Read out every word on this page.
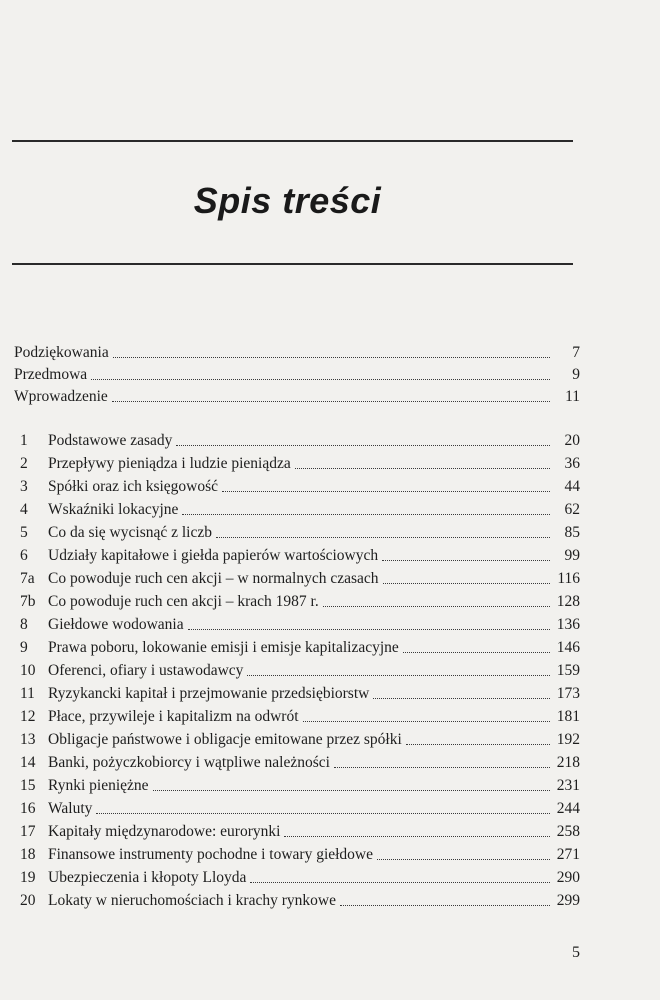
Spis treści
Podziękowania	7
Przedmowa	9
Wprowadzenie	11
1	Podstawowe zasady	20
2	Przepływy pieniądza i ludzie pieniądza	36
3	Spółki oraz ich księgowość	44
4	Wskaźniki lokacyjne	62
5	Co da się wycisnąć z liczb	85
6	Udziały kapitałowe i giełda papierów wartościowych	99
7a Co powoduje ruch cen akcji – w normalnych czasach	116
7b Co powoduje ruch cen akcji – krach 1987 r.	128
8	Giełdowe wodowania	136
9	Prawa poboru, lokowanie emisji i emisje kapitalizacyjne	146
10 Oferenci, ofiary i ustawodawcy	159
11 Ryzykancki kapitał i przejmowanie przedsiębiorstw	173
12 Płace, przywileje i kapitalizm na odwrót	181
13 Obligacje państwowe i obligacje emitowane przez spółki	192
14 Banki, pożyczkobiorcy i wątpliwe należności	218
15 Rynki pieniężne	231
16 Waluty	244
17 Kapitały międzynarodowe: eurorynki	258
18 Finansowe instrumenty pochodne i towary giełdowe	271
19 Ubezpieczenia i kłopoty Lloyda	290
20 Lokaty w nieruchomościach i krachy rynkowe	299
5
